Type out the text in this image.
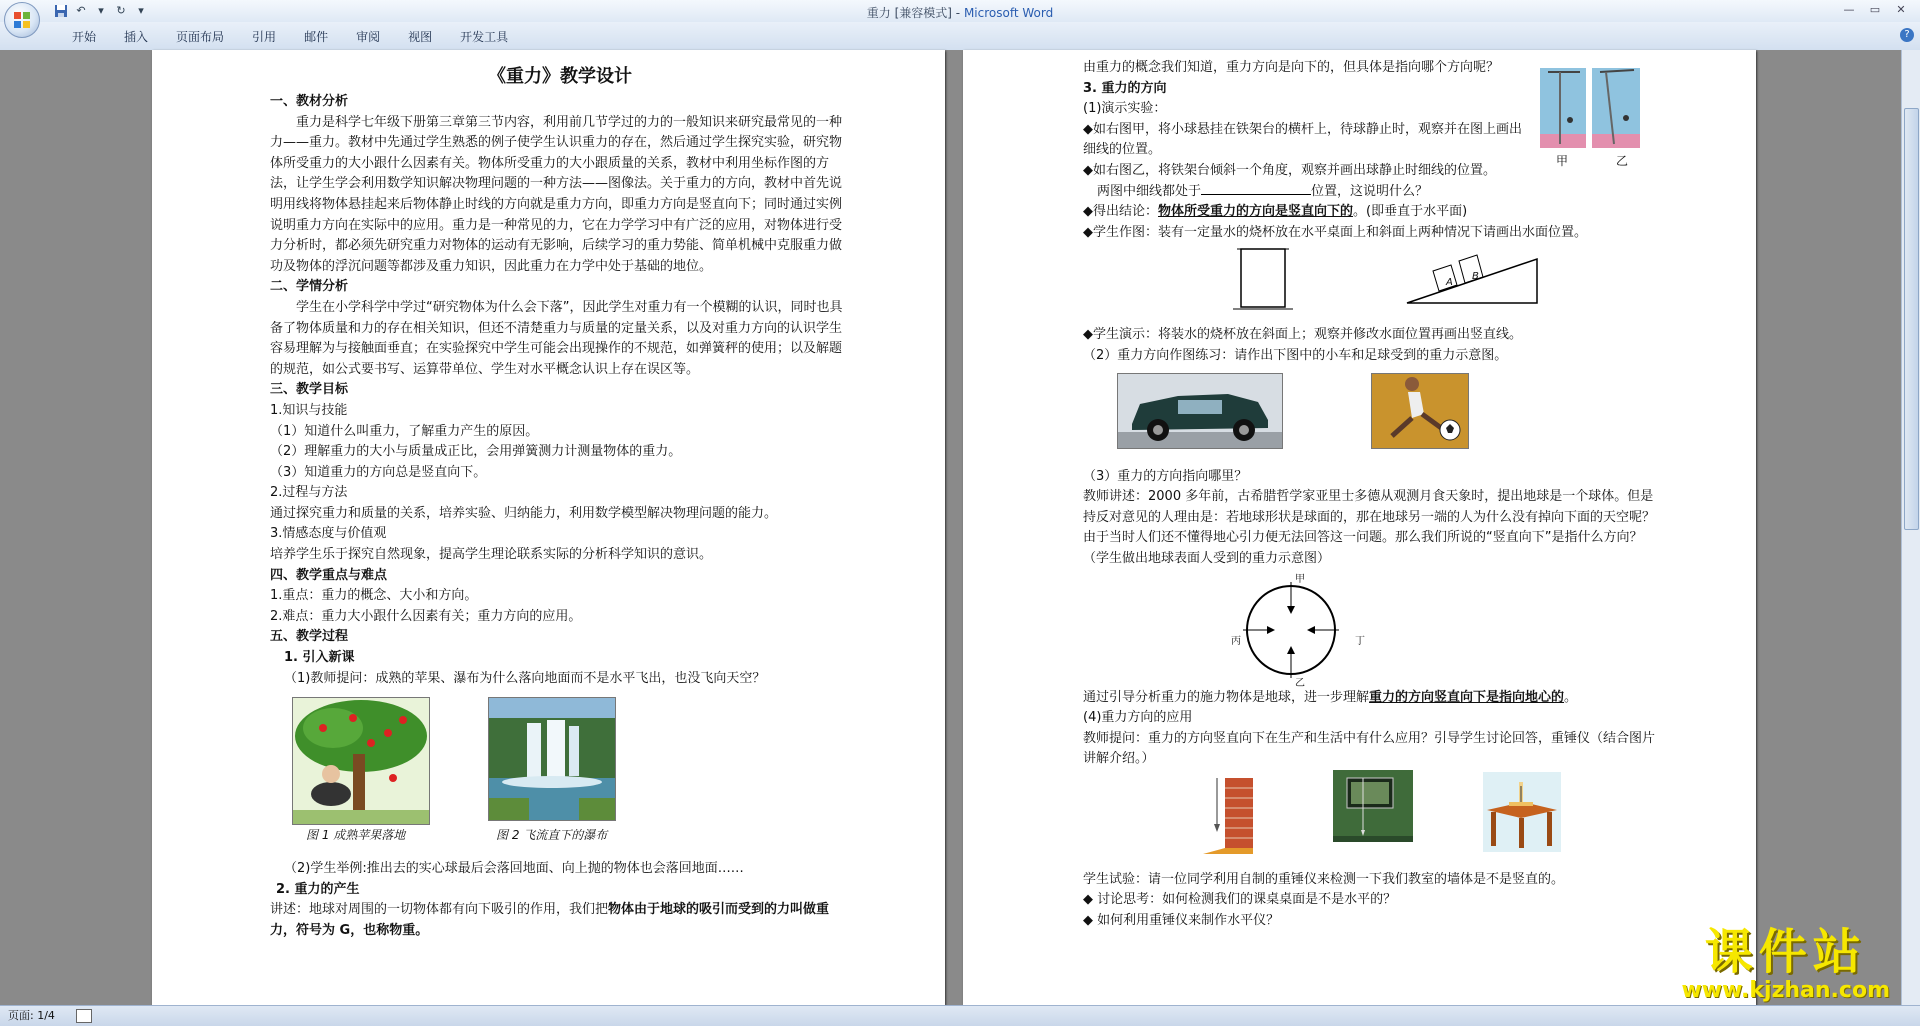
↶	▾	↻	▾	重力 [兼容模式] - Microsoft Word	—	▭	✕
开始	插入	页面布局	引用	邮件	审阅	视图	开发工具	?
《重力》教学设计

一、教材分析

重力是科学七年级下册第三章第三节内容，利用前几节学过的力的一般知识来研究最常见的一种力——重力。教材中先通过学生熟悉的例子使学生认识重力的存在，然后通过学生探究实验，研究物体所受重力的大小跟什么因素有关。物体所受重力的大小跟质量的关系，教材中利用坐标作图的方法，让学生学会利用数学知识解决物理问题的一种方法——图像法。关于重力的方向，教材中首先说明用线将物体悬挂起来后物体静止时线的方向就是重力方向，即重力方向是竖直向下；同时通过实例说明重力方向在实际中的应用。重力是一种常见的力，它在力学学习中有广泛的应用，对物体进行受力分析时，都必须先研究重力对物体的运动有无影响，后续学习的重力势能、简单机械中克服重力做功及物体的浮沉问题等都涉及重力知识，因此重力在力学中处于基础的地位。

二、学情分析

学生在小学科学中学过“研究物体为什么会下落”，因此学生对重力有一个模糊的认识，同时也具备了物体质量和力的存在相关知识，但还不清楚重力与质量的定量关系，以及对重力方向的认识学生容易理解为与接触面垂直；在实验探究中学生可能会出现操作的不规范，如弹簧秤的使用；以及解题的规范，如公式要书写、运算带单位、学生对水平概念认识上存在误区等。

三、教学目标

1.知识与技能

（1）知道什么叫重力，了解重力产生的原因。

（2）理解重力的大小与质量成正比，会用弹簧测力计测量物体的重力。

（3）知道重力的方向总是竖直向下。

2.过程与方法

通过探究重力和质量的关系，培养实验、归纳能力，利用数学模型解决物理问题的能力。

3.情感态度与价值观

培养学生乐于探究自然现象，提高学生理论联系实际的分析科学知识的意识。

四、教学重点与难点

1.重点：重力的概念、大小和方向。

2.难点：重力大小跟什么因素有关；重力方向的应用。

五、教学过程

1. 引入新课

（1)教师提问：成熟的苹果、瀑布为什么落向地面而不是水平飞出，也没飞向天空？

图 1 成熟苹果落地	图 2 飞流直下的瀑布

（2)学生举例:推出去的实心球最后会落回地面、向上抛的物体也会落回地面……

2. 重力的产生

讲述：地球对周围的一切物体都有向下吸引的作用，我们把物体由于地球的吸引而受到的力叫做重力，符号为 G，也称物重。

由重力的概念我们知道，重力方向是向下的，但具体是指向哪个方向呢？

3. 重力的方向

(1)演示实验：

◆如右图甲，将小球悬挂在铁架台的横杆上，待球静止时，观察并在图上画出细线的位置。

◆如右图乙，将铁架台倾斜一个角度，观察并画出球静止时细线的位置。

两图中细线都处于	位置，这说明什么？

◆得出结论：物体所受重力的方向是竖直向下的。(即垂直于水平面)

◆学生作图：装有一定量水的烧杯放在水平桌面上和斜面上两种情况下请画出水面位置。

A
B

◆学生演示：将装水的烧杯放在斜面上；观察并修改水面位置再画出竖直线。

（2）重力方向作图练习：请作出下图中的小车和足球受到的重力示意图。

（3）重力的方向指向哪里？

教师讲述：2000 多年前，古希腊哲学家亚里士多德从观测月食天象时，提出地球是一个球体。但是持反对意见的人理由是：若地球形状是球面的，那在地球另一端的人为什么没有掉向下面的天空呢？由于当时人们还不懂得地心引力便无法回答这一问题。那么我们所说的“竖直向下”是指什么方向？（学生做出地球表面人受到的重力示意图）

甲
乙
丙	丁

通过引导分析重力的施力物体是地球，进一步理解重力的方向竖直向下是指向地心的。

(4)重力方向的应用

教师提问：重力的方向竖直向下在生产和生活中有什么应用？引导学生讨论回答，重锤仪（结合图片讲解介绍。）

学生试验：请一位同学利用自制的重锤仪来检测一下我们教室的墙体是不是竖直的。

◆ 讨论思考：如何检测我们的课桌桌面是不是水平的？

◆ 如何利用重锤仪来制作水平仪？

甲	乙
页面: 1/4
课件站
www.kjzhan.com
